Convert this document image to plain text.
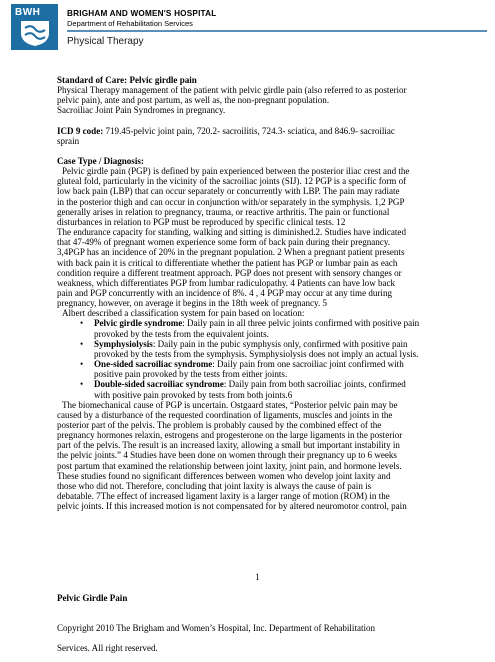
BWH	BRIGHAM AND WOMEN'S HOSPITAL
Department of Rehabilitation Services
Physical Therapy

Standard of Care: Pelvic girdle pain

Physical Therapy management of the patient with pelvic girdle pain (also referred to as posterior

pelvic pain), ante and post partum, as well as, the non-pregnant population.

Sacroiliac Joint Pain Syndromes in pregnancy.

ICD 9 code: 719.45-pelvic joint pain, 720.2- sacroilitis, 724.3- sciatica, and 846.9- sacroiliac

sprain

Case Type / Diagnosis:

Pelvic girdle pain (PGP) is defined by pain experienced between the posterior iliac crest and the

gluteal fold, particularly in the vicinity of the sacroiliac joints (SIJ). 12 PGP is a specific form of

low back pain (LBP) that can occur separately or concurrently with LBP. The pain may radiate

in the posterior thigh and can occur in conjunction with/or separately in the symphysis. 1,2 PGP

generally arises in relation to pregnancy, trauma, or reactive arthritis. The pain or functional

disturbances in relation to PGP must be reproduced by specific clinical tests. 12

The endurance capacity for standing, walking and sitting is diminished.2. Studies have indicated

that 47-49% of pregnant women experience some form of back pain during their pregnancy.

3,4PGP has an incidence of 20% in the pregnant population. 2 When a pregnant patient presents

with back pain it is critical to differentiate whether the patient has PGP or lumbar pain as each

condition require a different treatment approach. PGP does not present with sensory changes or

weakness, which differentiates PGP from lumbar radiculopathy. 4 Patients can have low back

pain and PGP concurrently with an incidence of 8%. 4 , 4 PGP may occur at any time during

pregnancy, however, on average it begins in the 18th week of pregnancy. 5

Albert described a classification system for pain based on location:

• Pelvic girdle syndrome: Daily pain in all three pelvic joints confirmed with positive pain
provoked by the tests from the equivalent joints.
• Symphysiolysis: Daily pain in the pubic symphysis only, confirmed with positive pain
provoked by the tests from the symphysis. Symphysiolysis does not imply an actual lysis.
• One-sided sacroiliac syndrome: Daily pain from one sacroiliac joint confirmed with
positive pain provoked by the tests from either joints.
• Double-sided sacroiliac syndrome: Daily pain from both sacroiliac joints, confirmed
with positive pain provoked by tests from both joints.6

The biomechanical cause of PGP is uncertain. Ostgaard states, “Posterior pelvic pain may be

caused by a disturbance of the requested coordination of ligaments, muscles and joints in the

posterior part of the pelvis. The problem is probably caused by the combined effect of the

pregnancy hormones relaxin, estrogens and progesterone on the large ligaments in the posterior

part of the pelvis. The result is an increased laxity, allowing a small but important instability in

the pelvic joints.” 4 Studies have been done on women through their pregnancy up to 6 weeks

post partum that examined the relationship between joint laxity, joint pain, and hormone levels.

These studies found no significant differences between women who develop joint laxity and

those who did not. Therefore, concluding that joint laxity is always the cause of pain is

debatable. 7The effect of increased ligament laxity is a larger range of motion (ROM) in the

pelvic joints. If this increased motion is not compensated for by altered neuromotor control, pain

1

Pelvic Girdle Pain

Copyright 2010 The Brigham and Women’s Hospital, Inc. Department of Rehabilitation

Services. All right reserved.
